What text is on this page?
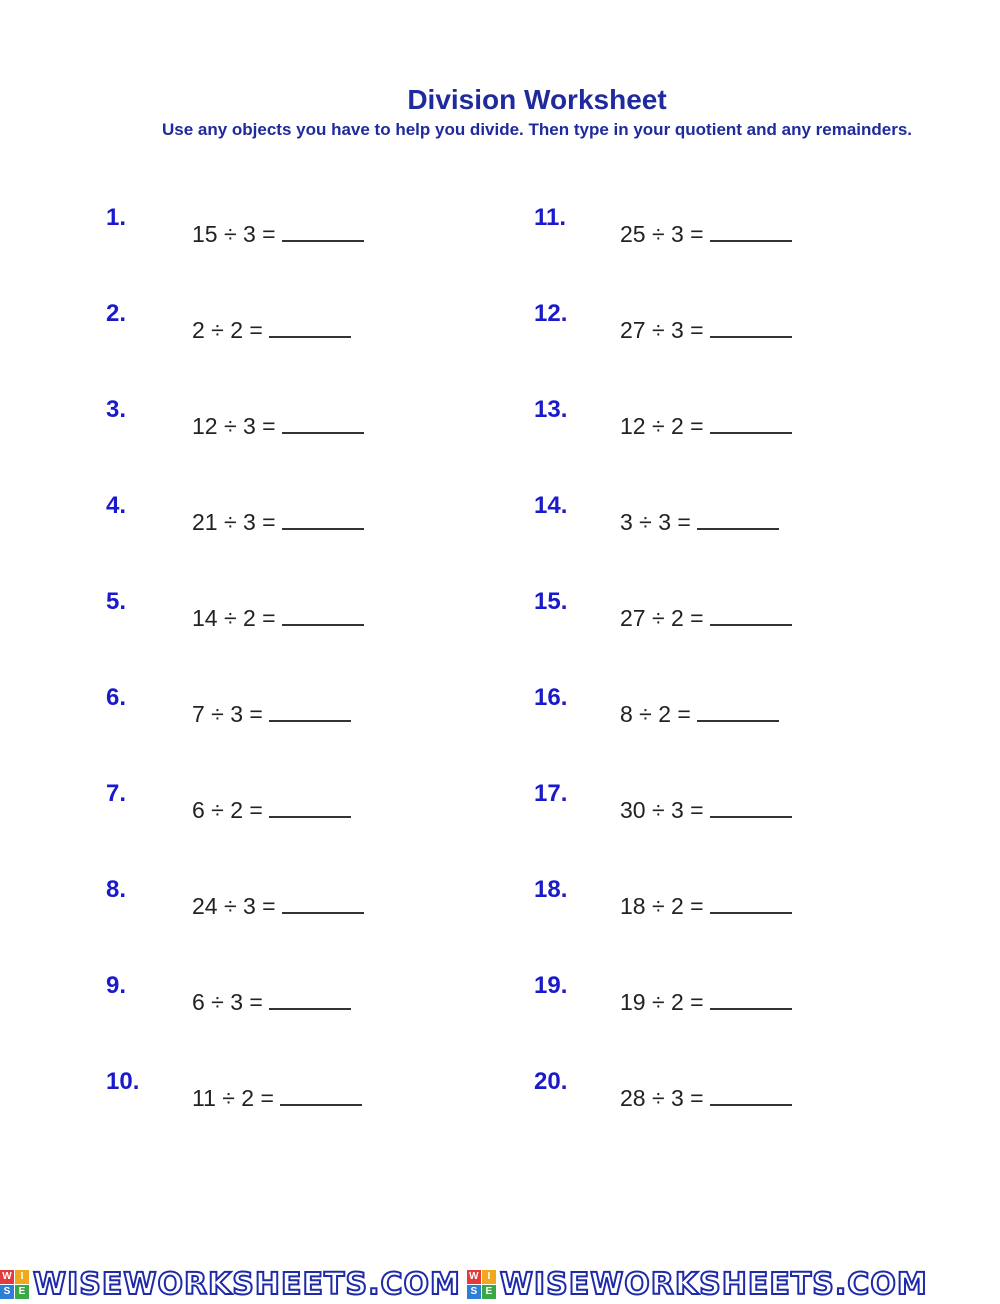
Division Worksheet

Use any objects you have to help you divide. Then type in your quotient and any remainders.

1.
15 ÷ 3 =
2.
2 ÷ 2 =
3.
12 ÷ 3 =
4.
21 ÷ 3 =
5.
14 ÷ 2 =
6.
7 ÷ 3 =
7.
6 ÷ 2 =
8.
24 ÷ 3 =
9.
6 ÷ 3 =
10.
11 ÷ 2 =
11.
25 ÷ 3 =
12.
27 ÷ 3 =
13.
12 ÷ 2 =
14.
3 ÷ 3 =
15.
27 ÷ 2 =
16.
8 ÷ 2 =
17.
30 ÷ 3 =
18.
18 ÷ 2 =
19.
19 ÷ 2 =
20.
28 ÷ 3 =
W I
S E WISEWORKSHEETS.COM W I
S E WISEWORKSHEETS.COM
